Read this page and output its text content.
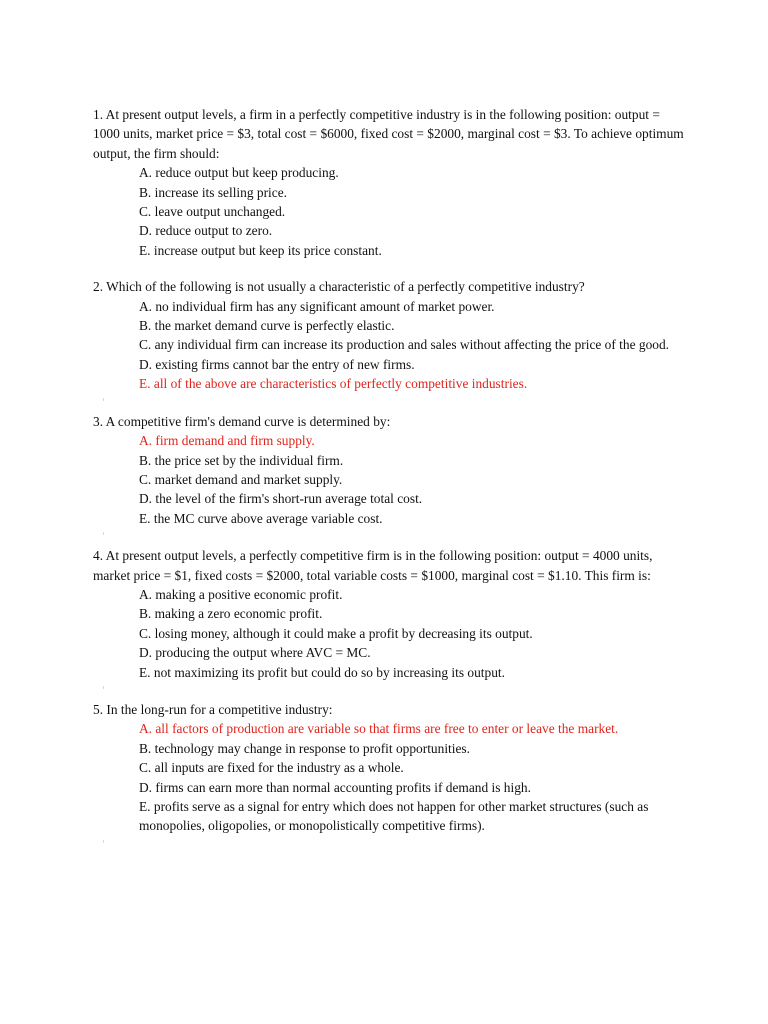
1. At present output levels, a firm in a perfectly competitive industry is in the following position: output = 1000 units, market price = $3, total cost = $6000, fixed cost = $2000, marginal cost = $3. To achieve optimum output, the firm should:

A. reduce output but keep producing.

B. increase its selling price.

C. leave output unchanged.

D. reduce output to zero.

E. increase output but keep its price constant.

2. Which of the following is not usually a characteristic of a perfectly competitive industry?

A. no individual firm has any significant amount of market power.

B. the market demand curve is perfectly elastic.

C. any individual firm can increase its production and sales without affecting the price of the good.

D. existing firms cannot bar the entry of new firms.

E. all of the above are characteristics of perfectly competitive industries.

3. A competitive firm's demand curve is determined by:

A. firm demand and firm supply.

B. the price set by the individual firm.

C. market demand and market supply.

D. the level of the firm's short-run average total cost.

E. the MC curve above average variable cost.

4. At present output levels, a perfectly competitive firm is in the following position: output = 4000 units, market price = $1, fixed costs = $2000, total variable costs = $1000, marginal cost = $1.10. This firm is:

A. making a positive economic profit.

B. making a zero economic profit.

C. losing money, although it could make a profit by decreasing its output.

D. producing the output where AVC = MC.

E. not maximizing its profit but could do so by increasing its output.

5. In the long-run for a competitive industry:

A. all factors of production are variable so that firms are free to enter or leave the market.

B. technology may change in response to profit opportunities.

C. all inputs are fixed for the industry as a whole.

D. firms can earn more than normal accounting profits if demand is high.

E. profits serve as a signal for entry which does not happen for other market structures (such as monopolies, oligopolies, or monopolistically competitive firms).
